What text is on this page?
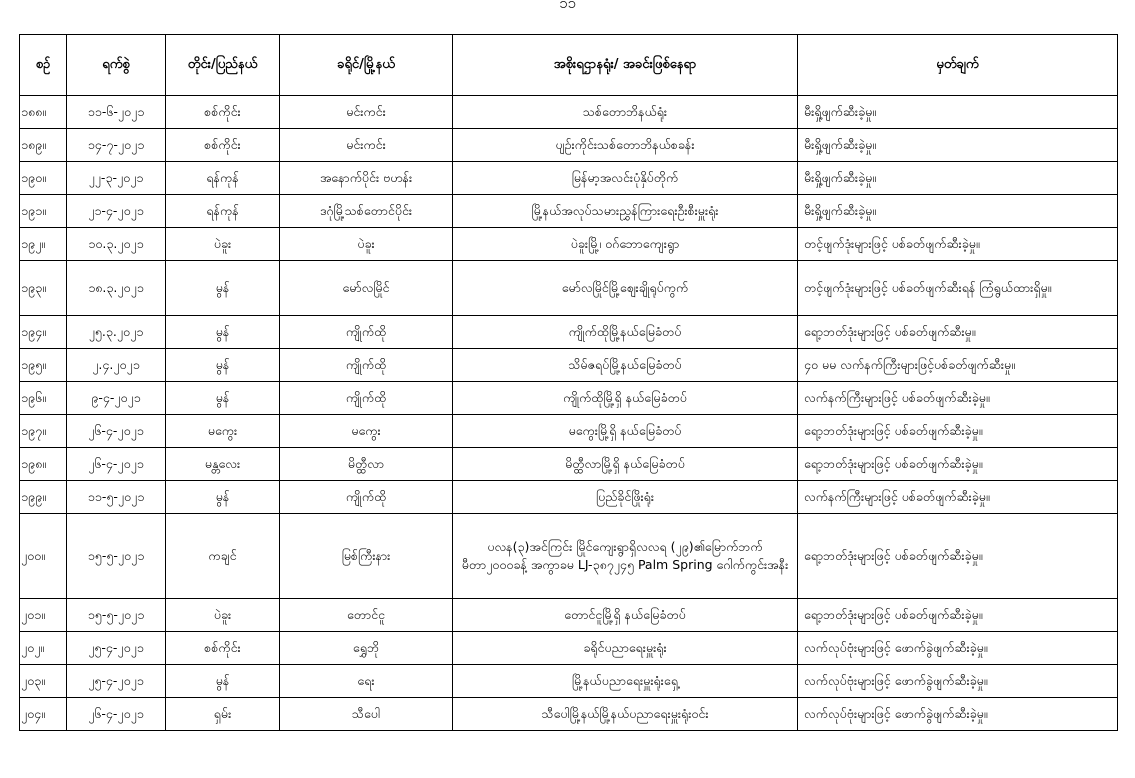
၁၁
စဉ်	ရက်စွဲ	တိုင်း/ပြည်နယ်	ခရိုင်/မြို့နယ်	အစိုးရဌာနရုံး/ အခင်းဖြစ်နေရာ	မှတ်ချက်
၁၈၈။	၁၁-၆-၂၀၂၁	စစ်ကိုင်း	မင်းကင်း	သစ်တောဘိနယ်ရုံး	မီးရှို့ဖျက်ဆီးခဲ့မှု။
၁၈၉။	၁၄-၇-၂၀၂၁	စစ်ကိုင်း	မင်းကင်း	ပျဉ်းကိုင်းသစ်တောဘိနယ်စခန်း	မီးရှို့ဖျက်ဆီးခဲ့မှု။
၁၉၀။	၂၂-၃-၂၀၂၁	ရန်ကုန်	အနောက်ပိုင်း ဗဟန်း	မြန်မာ့အလင်းပုံနှိပ်တိုက်	မီးရှို့ဖျက်ဆီးခဲ့မှု။
၁၉၁။	၂၁-၄-၂၀၂၁	ရန်ကုန်	ဒဂုံမြို့သစ်တောင်ပိုင်း	မြို့နယ်အလုပ်သမားညွှန်ကြားရေးဦးစီးမှူးရုံး	မီးရှို့ဖျက်ဆီးခဲ့မှု။
၁၉၂။	၁၀.၃.၂၀၂၁	ပဲခူး	ပဲခူး	ပဲခူးမြို့၊ ဝဂ်ဘောကျေးရွာ	တင့်ဖျက်ဒုံးများဖြင့် ပစ်ခတ်ဖျက်ဆီးခဲ့မှု။
၁၉၃။	၁၈.၃.၂၀၂၁	မွန်	မော်လမြိုင်	မော်လမြိုင်မြို့ဈေးချိုရုပ်ကွက်	တင့်ဖျက်ဒုံးများဖြင့် ပစ်ခတ်ဖျက်ဆီးရန် ကြံရွယ်ထားရှိမှု။
၁၉၄။	၂၅.၃.၂၀၂၁	မွန်	ကျိုက်ထို	ကျိုက်ထိုမြို့နယ်မြေခံတပ်	ရော့ဘတ်ဒုံးများဖြင့် ပစ်ခတ်ဖျက်ဆီးမှု။
၁၉၅။	၂.၄.၂၀၂၁	မွန်	ကျိုက်ထို	သိမ်ဇရပ်မြို့နယ်မြေခံတပ်	၄၀ မမ လက်နက်ကြီးများဖြင့်ပစ်ခတ်ဖျက်ဆီးမှု။
၁၉၆။	၉-၄-၂၀၂၁	မွန်	ကျိုက်ထို	ကျိုက်ထိုမြို့ရှိ နယ်မြေခံတပ်	လက်နက်ကြီးများဖြင့် ပစ်ခတ်ဖျက်ဆီးခဲ့မှု။
၁၉၇။	၂၆-၄-၂၀၂၁	မကွေး	မကွေး	မကွေးမြို့ရှိ နယ်မြေခံတပ်	ရော့ဘတ်ဒုံးများဖြင့် ပစ်ခတ်ဖျက်ဆီးခဲ့မှု။
၁၉၈။	၂၆-၄-၂၀၂၁	မန္တလေး	မိတ္ထီလာ	မိတ္ထီလာမြို့ရှိ နယ်မြေခံတပ်	ရော့ဘတ်ဒုံးများဖြင့် ပစ်ခတ်ဖျက်ဆီးခဲ့မှု။
၁၉၉။	၁၁-၅-၂၀၂၁	မွန်	ကျိုက်ထို	ပြည်ခိုင်ဖြိုးရုံး	လက်နက်ကြီးများဖြင့် ပစ်ခတ်ဖျက်ဆီးခဲ့မှု။
၂၀၀။	၁၅-၅-၂၀၂၁	ကချင်	မြစ်ကြီးနား	ပလန(၃)အင်ကြင်း မြိုင်ကျေးရွာရှိလလရ (၂၉)၏မြောက်ဘက်မီတာ၂၀၀၀ခန့် အကွာ‌ခမ LJ-၃၈၇၂၄၅ Palm Spring ဂေါက်ကွင်းအနီး	ရော့ဘတ်ဒုံးများဖြင့် ပစ်ခတ်ဖျက်ဆီးခဲ့မှု။
၂၀၁။	၁၅-၅-၂၀၂၁	ပဲခူး	တောင်ငူ	တောင်ငူမြို့ရှိ နယ်မြေခံတပ်	ရော့ဘတ်ဒုံးများဖြင့် ပစ်ခတ်ဖျက်ဆီးခဲ့မှု။
၂၀၂။	၂၅-၄-၂၀၂၁	စစ်ကိုင်း	ရွှေဘို	ခရိုင်ပညာရေးမှူးရုံး	လက်လုပ်ဗုံးများဖြင့် ဖောက်ခွဲဖျက်ဆီးခဲ့မှု။
၂၀၃။	၂၅-၄-၂၀၂၁	မွန်	ရေး	မြို့နယ်ပညာရေးမှူးရုံးရှေ့	လက်လုပ်ဗုံးများဖြင့် ဖောက်ခွဲဖျက်ဆီးခဲ့မှု။
၂၀၄။	၂၆-၄-၂၀၂၁	ရှမ်း	သီပေါ	သီပေါမြို့နယ်မြို့နယ်ပညာရေးမှူးရုံးဝင်း	လက်လုပ်ဗုံးများဖြင့် ဖောက်ခွဲဖျက်ဆီးခဲ့မှု။
